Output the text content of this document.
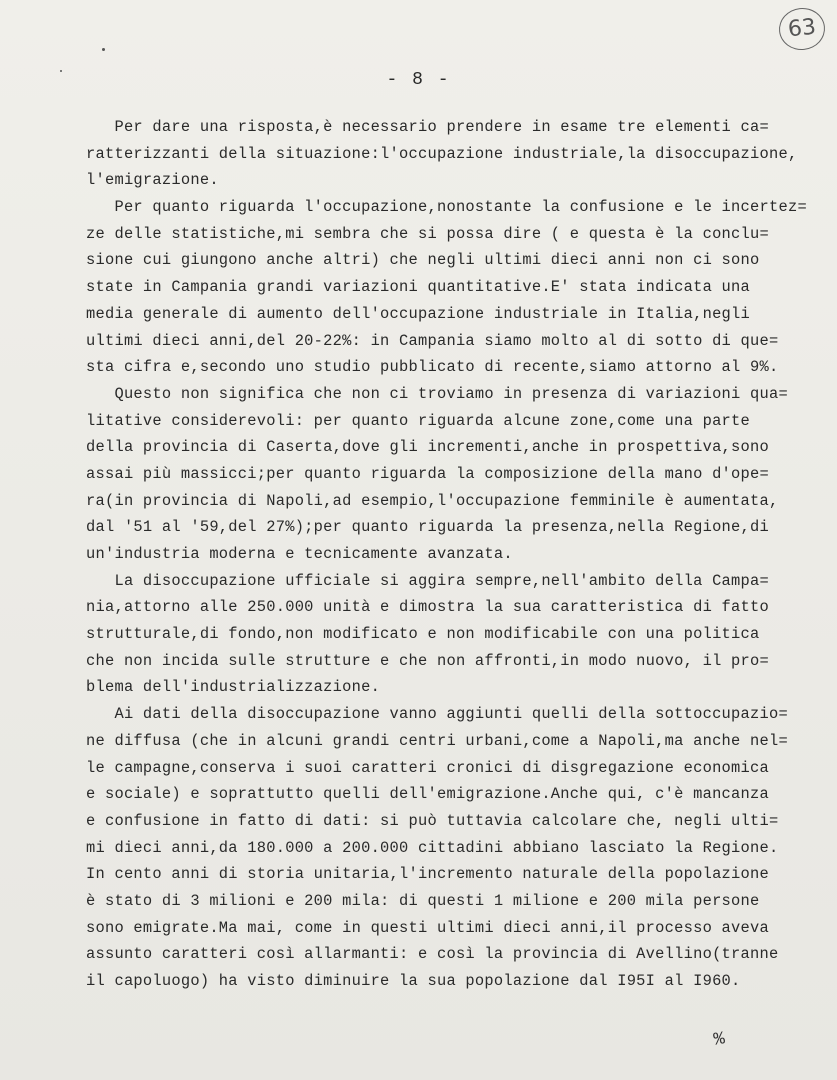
63
- 8 -
Per dare una risposta,è necessario prendere in esame tre elementi ca=
ratterizzanti della situazione:l'occupazione industriale,la disoccupazione,
l'emigrazione.
Per quanto riguarda l'occupazione,nonostante la confusione e le incertez=
ze delle statistiche,mi sembra che si possa dire ( e questa è la conclu=
sione cui giungono anche altri) che negli ultimi dieci anni non ci sono
state in Campania grandi variazioni quantitative.E' stata indicata una
media generale di aumento dell'occupazione industriale in Italia,negli
ultimi dieci anni,del 20-22%: in Campania siamo molto al di sotto di que=
sta cifra e,secondo uno studio pubblicato di recente,siamo attorno al 9%.
Questo non significa che non ci troviamo in presenza di variazioni qua=
litative considerevoli: per quanto riguarda alcune zone,come una parte
della provincia di Caserta,dove gli incrementi,anche in prospettiva,sono
assai più massicci;per quanto riguarda la composizione della mano d'ope=
ra(in provincia di Napoli,ad esempio,l'occupazione femminile è aumentata,
dal '51 al '59,del 27%);per quanto riguarda la presenza,nella Regione,di
un'industria moderna e tecnicamente avanzata.
La disoccupazione ufficiale si aggira sempre,nell'ambito della Campa=
nia,attorno alle 250.000 unità e dimostra la sua caratteristica di fatto
strutturale,di fondo,non modificato e non modificabile con una politica
che non incida sulle strutture e che non affronti,in modo nuovo, il pro=
blema dell'industrializzazione.
Ai dati della disoccupazione vanno aggiunti quelli della sottoccupazio=
ne diffusa (che in alcuni grandi centri urbani,come a Napoli,ma anche nel=
le campagne,conserva i suoi caratteri cronici di disgregazione economica
e sociale) e soprattutto quelli dell'emigrazione.Anche qui, c'è mancanza
e confusione in fatto di dati: si può tuttavia calcolare che, negli ulti=
mi dieci anni,da 180.000 a 200.000 cittadini abbiano lasciato la Regione.
In cento anni di storia unitaria,l'incremento naturale della popolazione
è stato di 3 milioni e 200 mila: di questi 1 milione e 200 mila persone
sono emigrate.Ma mai, come in questi ultimi dieci anni,il processo aveva
assunto caratteri così allarmanti: e così la provincia di Avellino(tranne
il capoluogo) ha visto diminuire la sua popolazione dal I95I al I960.
%
